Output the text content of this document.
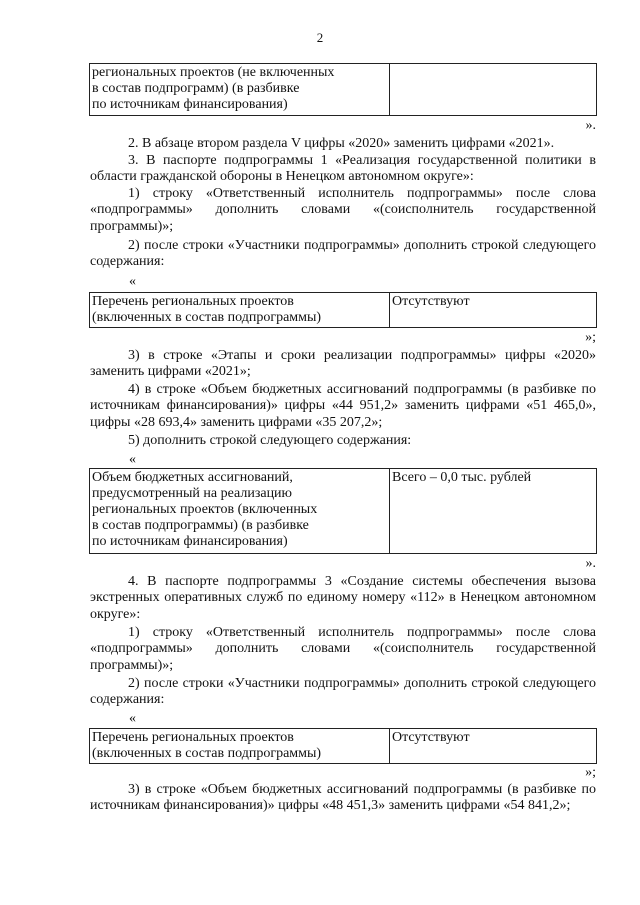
2
региональных проектов (не включенных
в состав подпрограмм) (в разбивке
по источникам финансирования)

».

2. В абзаце втором раздела V цифры «2020» заменить цифрами «2021».

3. В паспорте подпрограммы 1 «Реализация государственной политики в области гражданской обороны в Ненецком автономном округе»:

1) строку «Ответственный исполнитель подпрограммы» после слова «подпрограммы» дополнить словами «(соисполнитель государственной программы)»;

2) после строки «Участники подпрограммы» дополнить строкой следующего содержания:

«
Перечень региональных проектов
(включенных в состав подпрограммы)
	Отсутствуют
»;

3) в строке «Этапы и сроки реализации подпрограммы» цифры «2020» заменить цифрами «2021»;

4) в строке «Объем бюджетных ассигнований подпрограммы (в разбивке по источникам финансирования)» цифры «44 951,2» заменить цифрами «51 465,0», цифры «28 693,4» заменить цифрами «35 207,2»;

5) дополнить строкой следующего содержания:

«
Объем бюджетных ассигнований,
предусмотренный на реализацию
региональных проектов (включенных
в состав подпрограммы) (в разбивке
по источникам финансирования)
	Всего – 0,0 тыс. рублей
».

4. В паспорте подпрограммы 3 «Создание системы обеспечения вызова экстренных оперативных служб по единому номеру «112» в Ненецком автономном округе»:

1) строку «Ответственный исполнитель подпрограммы» после слова «подпрограммы» дополнить словами «(соисполнитель государственной программы)»;

2) после строки «Участники подпрограммы» дополнить строкой следующего содержания:

«
Перечень региональных проектов
(включенных в состав подпрограммы)
	Отсутствуют
»;

3) в строке «Объем бюджетных ассигнований подпрограммы (в разбивке по источникам финансирования)» цифры «48 451,3» заменить цифрами «54 841,2»;
